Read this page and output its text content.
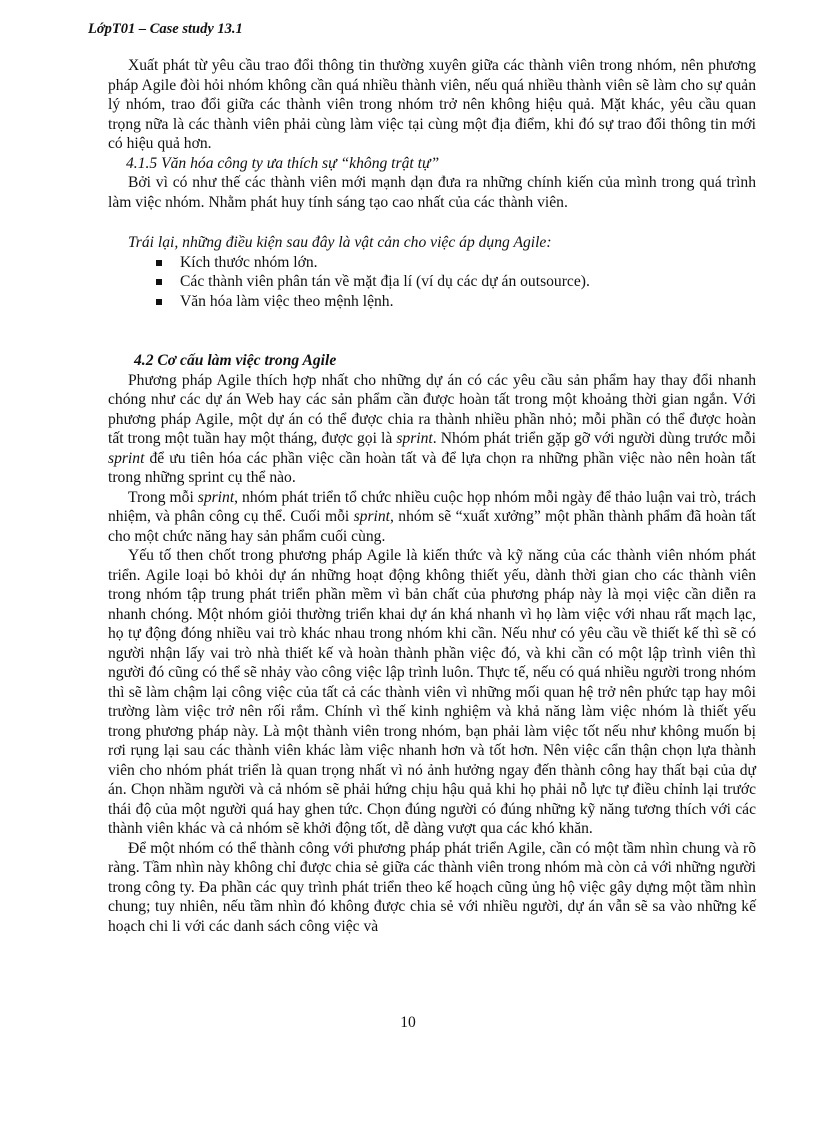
LớpT01 – Case study 13.1

Xuất phát từ yêu cầu trao đổi thông tin thường xuyên giữa các thành viên trong nhóm, nên phương pháp Agile đòi hỏi nhóm không cần quá nhiều thành viên, nếu quá nhiều thành viên sẽ làm cho sự quản lý nhóm, trao đổi giữa các thành viên trong nhóm trở nên không hiệu quả. Mặt khác, yêu cầu quan trọng nữa là các thành viên phải cùng làm việc tại cùng một địa điểm, khi đó sự trao đổi thông tin mới có hiệu quả hơn.

4.1.5 Văn hóa công ty ưa thích sự “không trật tự”

Bởi vì có như thế các thành viên mới mạnh dạn đưa ra những chính kiến của mình trong quá trình làm việc nhóm. Nhằm phát huy tính sáng tạo cao nhất của các thành viên.

Trái lại, những điều kiện sau đây là vật cản cho việc áp dụng Agile:

Kích thước nhóm lớn.
Các thành viên phân tán về mặt địa lí (ví dụ các dự án outsource).
Văn hóa làm việc theo mệnh lệnh.

4.2 Cơ cấu làm việc trong Agile

Phương pháp Agile thích hợp nhất cho những dự án có các yêu cầu sản phẩm hay thay đổi nhanh chóng như các dự án Web hay các sản phẩm cần được hoàn tất trong một khoảng thời gian ngắn. Với phương pháp Agile, một dự án có thể được chia ra thành nhiều phần nhỏ; mỗi phần có thể được hoàn tất trong một tuần hay một tháng, được gọi là sprint. Nhóm phát triển gặp gỡ với người dùng trước mỗi sprint để ưu tiên hóa các phần việc cần hoàn tất và để lựa chọn ra những phần việc nào nên hoàn tất trong những sprint cụ thể nào.

Trong mỗi sprint, nhóm phát triển tổ chức nhiều cuộc họp nhóm mỗi ngày để thảo luận vai trò, trách nhiệm, và phân công cụ thể. Cuối mỗi sprint, nhóm sẽ “xuất xưởng” một phần thành phẩm đã hoàn tất cho một chức năng hay sản phẩm cuối cùng.

Yếu tố then chốt trong phương pháp Agile là kiến thức và kỹ năng của các thành viên nhóm phát triển. Agile loại bỏ khỏi dự án những hoạt động không thiết yếu, dành thời gian cho các thành viên trong nhóm tập trung phát triển phần mềm vì bản chất của phương pháp này là mọi việc cần diễn ra nhanh chóng. Một nhóm giỏi thường triển khai dự án khá nhanh vì họ làm việc với nhau rất mạch lạc, họ tự động đóng nhiều vai trò khác nhau trong nhóm khi cần. Nếu như có yêu cầu về thiết kế thì sẽ có người nhận lấy vai trò nhà thiết kế và hoàn thành phần việc đó, và khi cần có một lập trình viên thì người đó cũng có thể sẽ nhảy vào công việc lập trình luôn. Thực tế, nếu có quá nhiều người trong nhóm thì sẽ làm chậm lại công việc của tất cả các thành viên vì những mối quan hệ trở nên phức tạp hay môi trường làm việc trở nên rối rắm. Chính vì thế kinh nghiệm và khả năng làm việc nhóm là thiết yếu trong phương pháp này. Là một thành viên trong nhóm, bạn phải làm việc tốt nếu như không muốn bị rơi rụng lại sau các thành viên khác làm việc nhanh hơn và tốt hơn. Nên việc cẩn thận chọn lựa thành viên cho nhóm phát triển là quan trọng nhất vì nó ảnh hưởng ngay đến thành công hay thất bại của dự án. Chọn nhầm người và cả nhóm sẽ phải hứng chịu hậu quả khi họ phải nỗ lực tự điều chỉnh lại trước thái độ của một người quá hay ghen tức. Chọn đúng người có đúng những kỹ năng tương thích với các thành viên khác và cả nhóm sẽ khởi động tốt, dễ dàng vượt qua các khó khăn.

Để một nhóm có thể thành công với phương pháp phát triển Agile, cần có một tầm nhìn chung và rõ ràng. Tầm nhìn này không chỉ được chia sẻ giữa các thành viên trong nhóm mà còn cả với những người trong công ty. Đa phần các quy trình phát triển theo kế hoạch cũng ủng hộ việc gây dựng một tầm nhìn chung; tuy nhiên, nếu tầm nhìn đó không được chia sẻ với nhiều người, dự án vẫn sẽ sa vào những kế hoạch chi li với các danh sách công việc và

10
